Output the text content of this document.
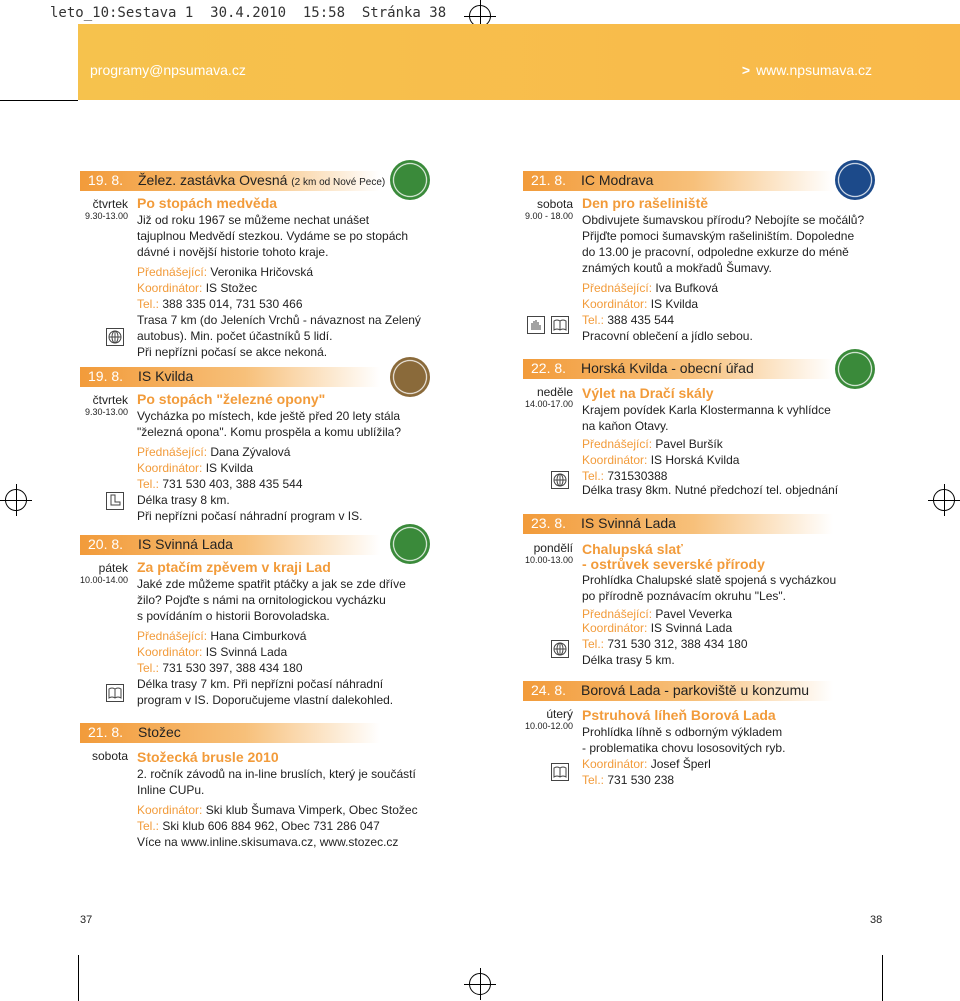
leto_10:Sestava 1  30.4.2010  15:58  Stránka 38
programy@npsumava.cz	> www.npsumava.cz
19. 8. Želez. zastávka Ovesná (2 km od Nové Pece)
čtvrtek
9.30-13.00
Po stopách medvěda
Již od roku 1967 se můžeme nechat unášet
tajuplnou Medvědí stezkou. Vydáme se po stopách
dávné i novější historie tohoto kraje.
Přednášející: Veronika Hričovská
Koordinátor: IS Stožec
Tel.: 388 335 014, 731 530 466
Trasa 7 km (do Jeleních Vrchů - návaznost na Zelený
autobus). Min. počet účastníků 5 lidí.
Při nepřízni počasí se akce nekoná.
19. 8. IS Kvilda
čtvrtek
9.30-13.00
Po stopách "železné opony"
Vycházka po místech, kde ještě před 20 lety stála
"železná opona". Komu prospěla a komu ublížila?
Přednášející: Dana Zývalová
Koordinátor: IS Kvilda
Tel.: 731 530 403, 388 435 544
Délka trasy 8 km.
Při nepřízni počasí náhradní program v IS.
20. 8. IS Svinná Lada
pátek
10.00-14.00
Za ptačím zpěvem v kraji Lad
Jaké zde můžeme spatřit ptáčky a jak se zde dříve
žilo? Pojďte s námi na ornitologickou vycházku
s povídáním o historii Borovoladska.
Přednášející: Hana Cimburková
Koordinátor: IS Svinná Lada
Tel.: 731 530 397, 388 434 180
Délka trasy 7 km. Při nepřízni počasí náhradní
program v IS. Doporučujeme vlastní dalekohled.
21. 8. Stožec
sobota Stožecká brusle 2010
2. ročník závodů na in-line bruslích, který je součástí
Inline CUPu.
Koordinátor: Ski klub Šumava Vimperk, Obec Stožec
Tel.: Ski klub 606 884 962, Obec 731 286 047
Více na www.inline.skisumava.cz, www.stozec.cz
37
21. 8. IC Modrava
sobota
9.00 - 18.00
Den pro rašeliniště
Obdivujete šumavskou přírodu? Nebojíte se močálů?
Přijďte pomoci šumavským rašeliništím. Dopoledne
do 13.00 je pracovní, odpoledne exkurze do méně
známých koutů a mokřadů Šumavy.
Přednášející: Iva Bufková
Koordinátor: IS Kvilda
Tel.: 388 435 544
Pracovní oblečení a jídlo sebou.
22. 8. Horská Kvilda - obecní úřad
neděle
14.00-17.00
Výlet na Dračí skály
Krajem povídek Karla Klostermanna k vyhlídce
na kaňon Otavy.
Přednášející: Pavel Buršík
Koordinátor: IS Horská Kvilda
Tel.: 731530388
Délka trasy 8km. Nutné předchozí tel. objednání
23. 8. IS Svinná Lada
pondělí
10.00-13.00
Chalupská slať
- ostrůvek severské přírody
Prohlídka Chalupské slatě spojená s vycházkou
po přírodně poznávacím okruhu "Les".
Přednášející: Pavel Veverka
Koordinátor: IS Svinná Lada
Tel.: 731 530 312, 388 434 180
Délka trasy 5 km.
24. 8. Borová Lada - parkoviště u konzumu
úterý
10.00-12.00
Pstruhová líheň Borová Lada
Prohlídka líhně s odborným výkladem
- problematika chovu lososovitých ryb.
Koordinátor: Josef Šperl
Tel.: 731 530 238
38
